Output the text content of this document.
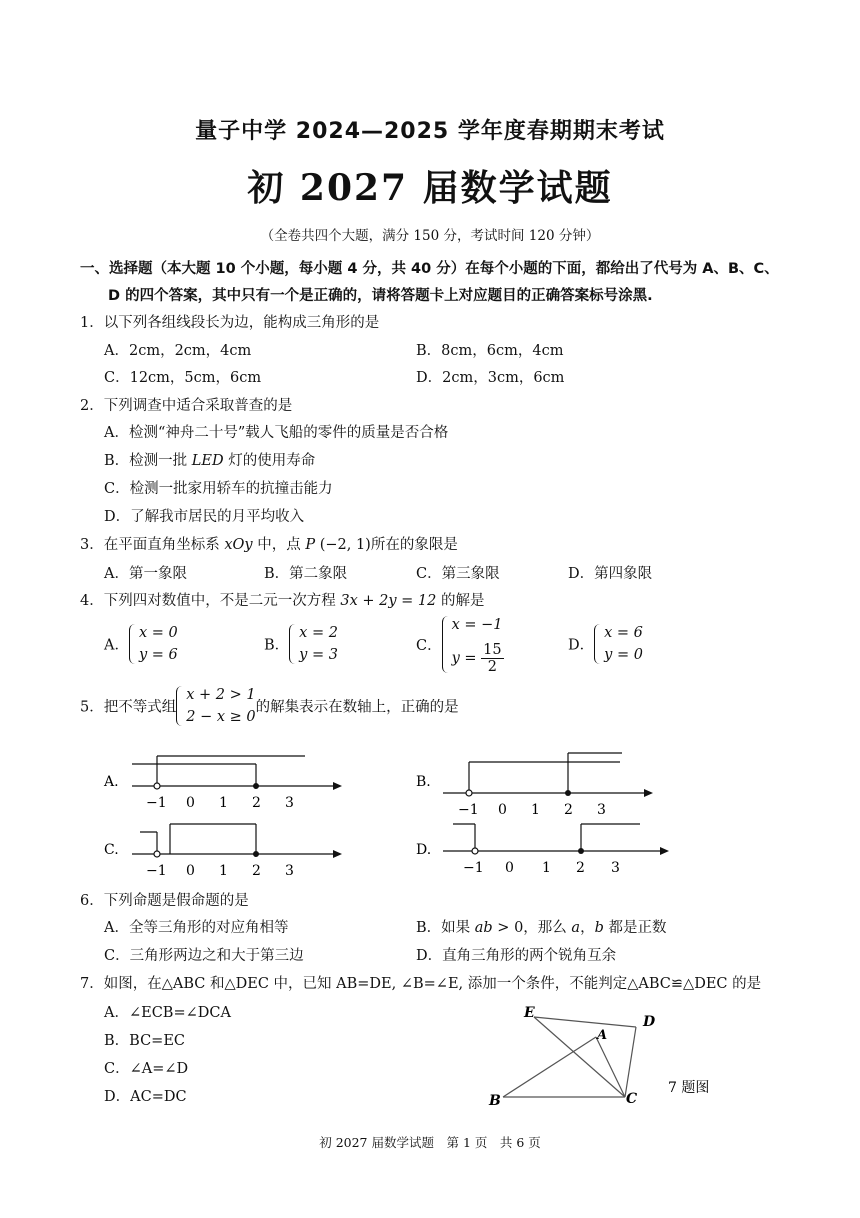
量子中学 2024—2025 学年度春期期末考试
初 2027 届数学试题
（全卷共四个大题，满分 150 分，考试时间 120 分钟）
一、选择题（本大题 10 个小题，每小题 4 分，共 40 分）在每个小题的下面，都给出了代号为 A、B、C、
D 的四个答案，其中只有一个是正确的，请将答题卡上对应题目的正确答案标号涂黑.
1．以下列各组线段长为边，能构成三角形的是
A．2cm，2cm，4cm	B．8cm，6cm，4cm
C．12cm，5cm，6cm	D．2cm，3cm，6cm
2．下列调查中适合采取普查的是
A．检测“神舟二十号”载人飞船的零件的质量是否合格
B．检测一批 LED 灯的使用寿命
C．检测一批家用轿车的抗撞击能力
D．了解我市居民的月平均收入
3．在平面直角坐标系 xOy 中，点 P (−2, 1)所在的象限是
A．第一象限	B．第二象限	C．第三象限	D．第四象限
4．下列四对数值中，不是二元一次方程 3x + 2y = 12 的解是
A．
x = 0
y = 6
B．
x = 2
y = 3
C．
x = −1
$y = \frac{15}{2}$	D．
x = 6
y = 0
5．把不等式组
x + 2 > 1
2 − x ≥ 0
的解集表示在数轴上，正确的是
A.
−1 0 1 2 3
B.
−1 0 1 2 3
C.
−1 0 1 2 3
D.
−1 0 1 2 3
6．下列命题是假命题的是
A．全等三角形的对应角相等	B．如果 ab > 0，那么 a，b 都是正数
C．三角形两边之和大于第三边	D．直角三角形的两个锐角互余
7．如图，在△ABC 和△DEC 中，已知 AB=DE, ∠B=∠E, 添加一个条件，不能判定△ABC≌△DEC 的是
A．∠ECB=∠DCA
B．BC=EC
C．∠A=∠D
D．AC=DC
E
D
A
B	C
7 题图
初 2027 届数学试题　第 1 页　共 6 页
